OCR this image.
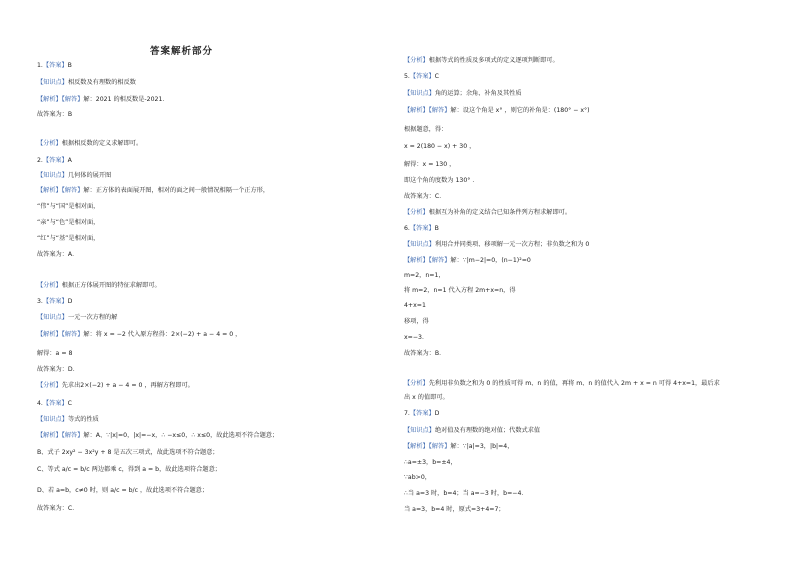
答案解析部分
1.【答案】B
【知识点】相反数及有理数的相反数
【解析】【解答】解：2021 的相反数是-2021．
故答案为：B
【分析】根据相反数的定义求解即可。
2.【答案】A
【知识点】几何体的展开图
【解析】【解答】解：正方体的表面展开图，相对的面之间一般情况相隔一个正方形，
“伟”与“国”是相对面，
“亲”与“色”是相对面，
“红”与“基”是相对面，
故答案为：A．
【分析】根据正方体展开图的特征求解即可。
3.【答案】D
【知识点】一元一次方程的解
【解析】【解答】解：将 x = −2 代入原方程得：2×(−2) + a − 4 = 0 ，
解得：a = 8
故答案为：D．
【分析】先求出2×(−2) + a − 4 = 0 ，再解方程即可。
4.【答案】C
【知识点】等式的性质
【解析】【解答】解：A、∵|x|=0，|x|=−x，∴ −x≤0，∴ x≤0，故此选项不符合题意；
B、式子 2xy² − 3x²y + 8 是五次三项式，故此选项不符合题意；
C、等式 a/c = b/c 两边都乘 c，得到 a = b，故此选项符合题意；
D、若 a=b，c≠0 时，则 a/c = b/c ，故此选项不符合题意；
故答案为：C．
【分析】根据等式的性质及多项式的定义逐项判断即可。
5.【答案】C
【知识点】角的运算；余角、补角及其性质
【解析】【解答】解：设这个角是 x° ，则它的补角是：(180° − x°)
根据题意，得：
x = 2(180 − x) + 30 ，
解得：x = 130 ，
即这个角的度数为 130° ．
故答案为：C．
【分析】根据互为补角的定义结合已知条件列方程求解即可。
6.【答案】B
【知识点】利用合并同类项、移项解一元一次方程；非负数之和为 0
【解析】【解答】解：∵|m−2|=0，(n−1)²=0
m=2，n=1，
将 m=2，n=1 代入方程 2m+x=n，得
4+x=1
移项，得
x=−3．
故答案为：B．
【分析】先利用非负数之和为 0 的性质可得 m、n 的值，再将 m、n 的值代入 2m + x = n 可得 4+x=1，最后求
出 x 的值即可。
7.【答案】D
【知识点】绝对值及有理数的绝对值；代数式求值
【解析】【解答】解：∵|a|=3，|b|=4，
∴a=±3，b=±4，
∵ab>0，
∴当 a=3 时，b=4；当 a=−3 时，b=−4．
当 a=3，b=4 时，原式=3+4=7；
